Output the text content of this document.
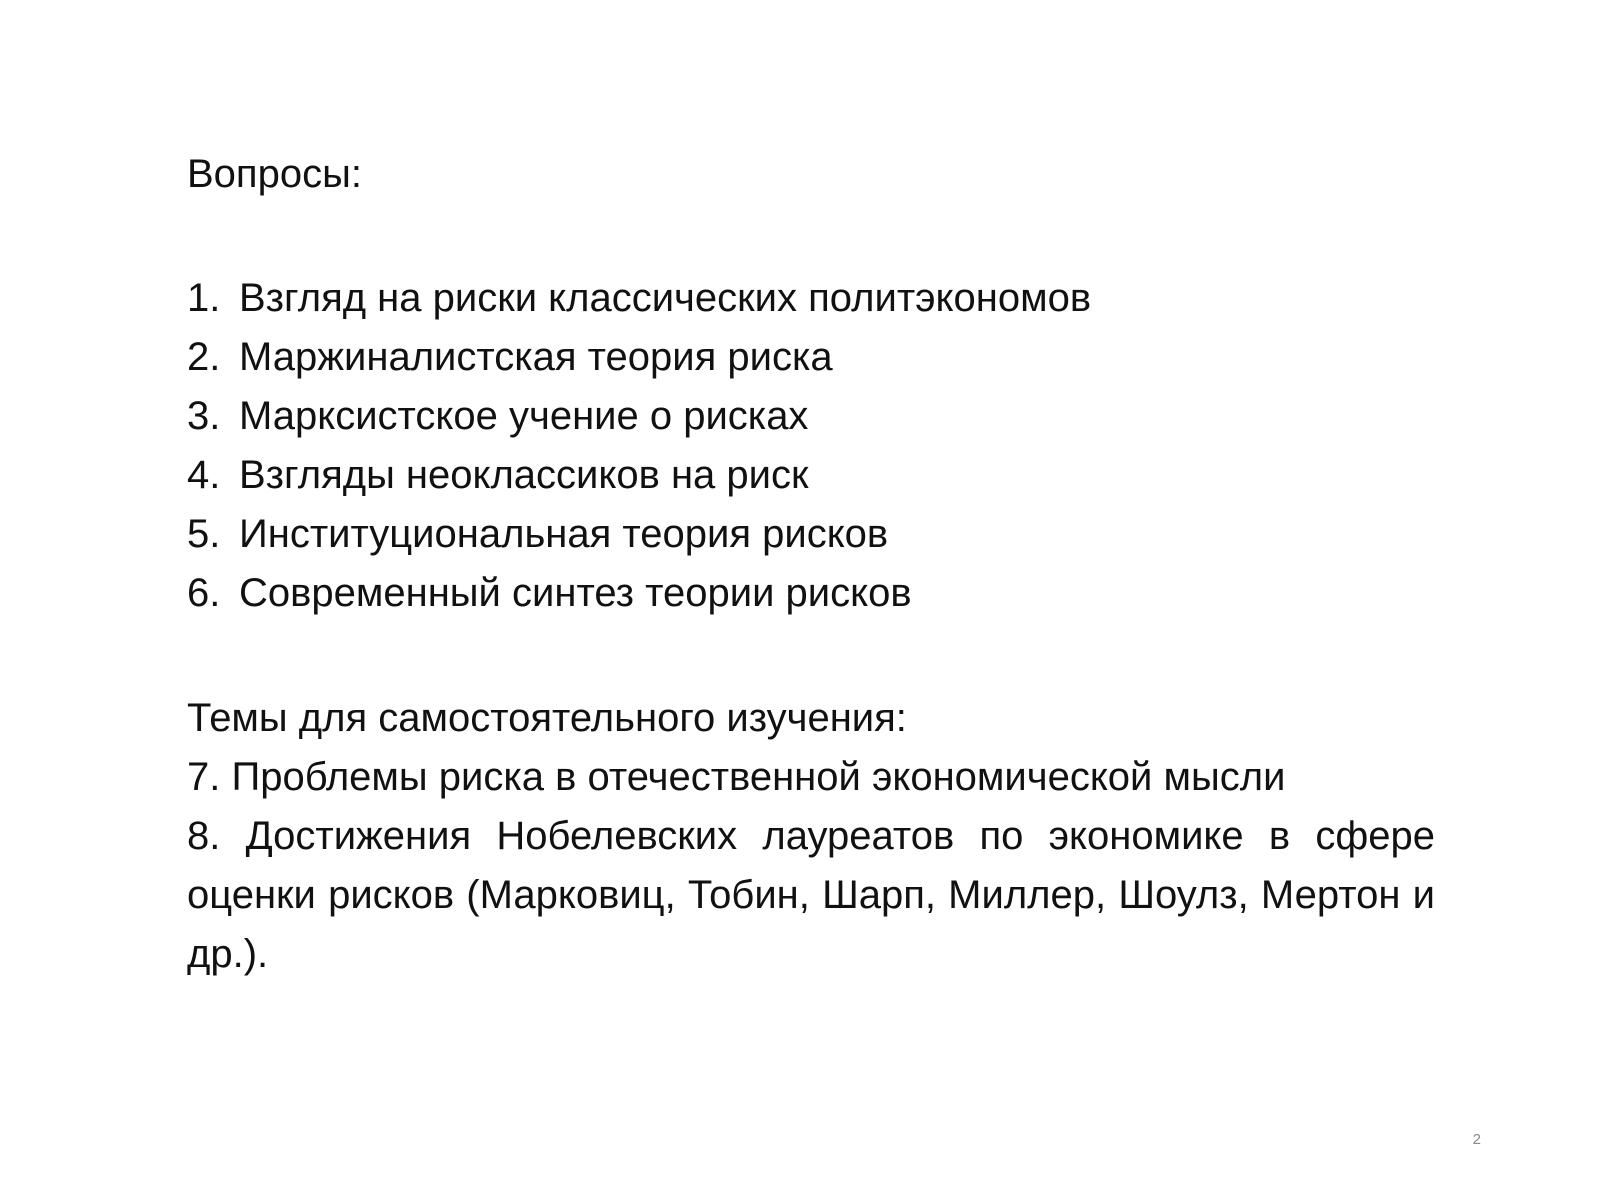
Вопросы:
1. Взгляд на риски классических политэкономов
2. Маржиналистская теория риска
3. Марксистское учение о рисках
4. Взгляды неоклассиков на риск
5. Институциональная теория рисков
6. Современный синтез теории рисков
Темы для самостоятельного изучения:

7. Проблемы риска в отечественной экономической мысли

8. Достижения Нобелевских лауреатов по экономике в сфере оценки рисков (Марковиц, Тобин, Шарп, Миллер, Шоулз, Мертон и др.).

2
